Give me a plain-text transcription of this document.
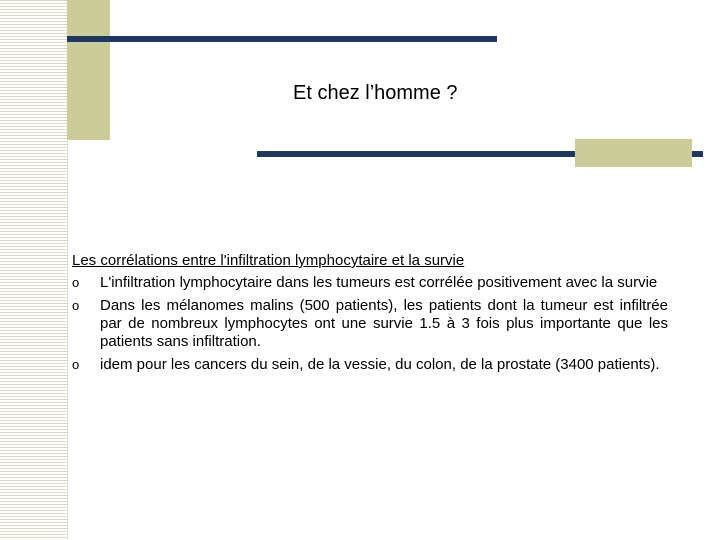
Et chez l’homme ?
Les corrélations entre l'infiltration lymphocytaire et la survie
o L'infiltration lymphocytaire dans les tumeurs est corrélée positivement avec la survie
o Dans les mélanomes malins (500 patients), les patients dont la tumeur est infiltrée par de nombreux lymphocytes ont une survie 1.5 à 3 fois plus importante que les patients sans infiltration.
o idem pour les cancers du sein, de la vessie, du colon, de la prostate (3400 patients).
